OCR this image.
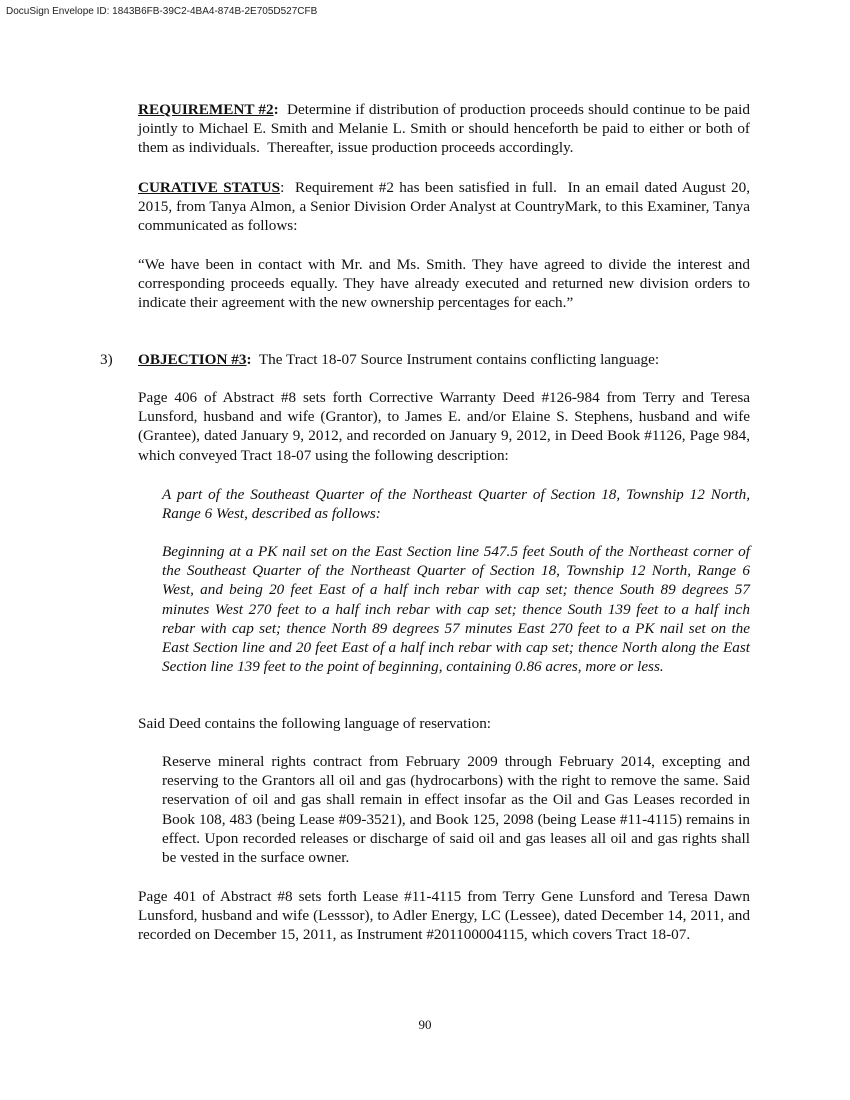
DocuSign Envelope ID: 1843B6FB-39C2-4BA4-874B-2E705D527CFB
REQUIREMENT #2:  Determine if distribution of production proceeds should continue to be paid jointly to Michael E. Smith and Melanie L. Smith or should henceforth be paid to either or both of them as individuals.  Thereafter, issue production proceeds accordingly.
CURATIVE STATUS:  Requirement #2 has been satisfied in full.  In an email dated August 20, 2015, from Tanya Almon, a Senior Division Order Analyst at CountryMark, to this Examiner, Tanya communicated as follows:
“We have been in contact with Mr. and Ms. Smith. They have agreed to divide the interest and corresponding proceeds equally. They have already executed and returned new division orders to indicate their agreement with the new ownership percentages for each.”
3) OBJECTION #3:  The Tract 18-07 Source Instrument contains conflicting language:
Page 406 of Abstract #8 sets forth Corrective Warranty Deed #126-984 from Terry and Teresa Lunsford, husband and wife (Grantor), to James E. and/or Elaine S. Stephens, husband and wife (Grantee), dated January 9, 2012, and recorded on January 9, 2012, in Deed Book #1126, Page 984, which conveyed Tract 18-07 using the following description:
A part of the Southeast Quarter of the Northeast Quarter of Section 18, Township 12 North, Range 6 West, described as follows:
Beginning at a PK nail set on the East Section line 547.5 feet South of the Northeast corner of the Southeast Quarter of the Northeast Quarter of Section 18, Township 12 North, Range 6 West, and being 20 feet East of a half inch rebar with cap set; thence South 89 degrees 57 minutes West 270 feet to a half inch rebar with cap set; thence South 139 feet to a half inch rebar with cap set; thence North 89 degrees 57 minutes East 270 feet to a PK nail set on the East Section line and 20 feet East of a half inch rebar with cap set; thence North along the East Section line 139 feet to the point of beginning, containing 0.86 acres, more or less.
Said Deed contains the following language of reservation:
Reserve mineral rights contract from February 2009 through February 2014, excepting and reserving to the Grantors all oil and gas (hydrocarbons) with the right to remove the same. Said reservation of oil and gas shall remain in effect insofar as the Oil and Gas Leases recorded in Book 108, 483 (being Lease #09-3521), and Book 125, 2098 (being Lease #11-4115) remains in effect. Upon recorded releases or discharge of said oil and gas leases all oil and gas rights shall be vested in the surface owner.
Page 401 of Abstract #8 sets forth Lease #11-4115 from Terry Gene Lunsford and Teresa Dawn Lunsford, husband and wife (Lesssor), to Adler Energy, LC (Lessee), dated December 14, 2011, and recorded on December 15, 2011, as Instrument #201100004115, which covers Tract 18-07.
90
